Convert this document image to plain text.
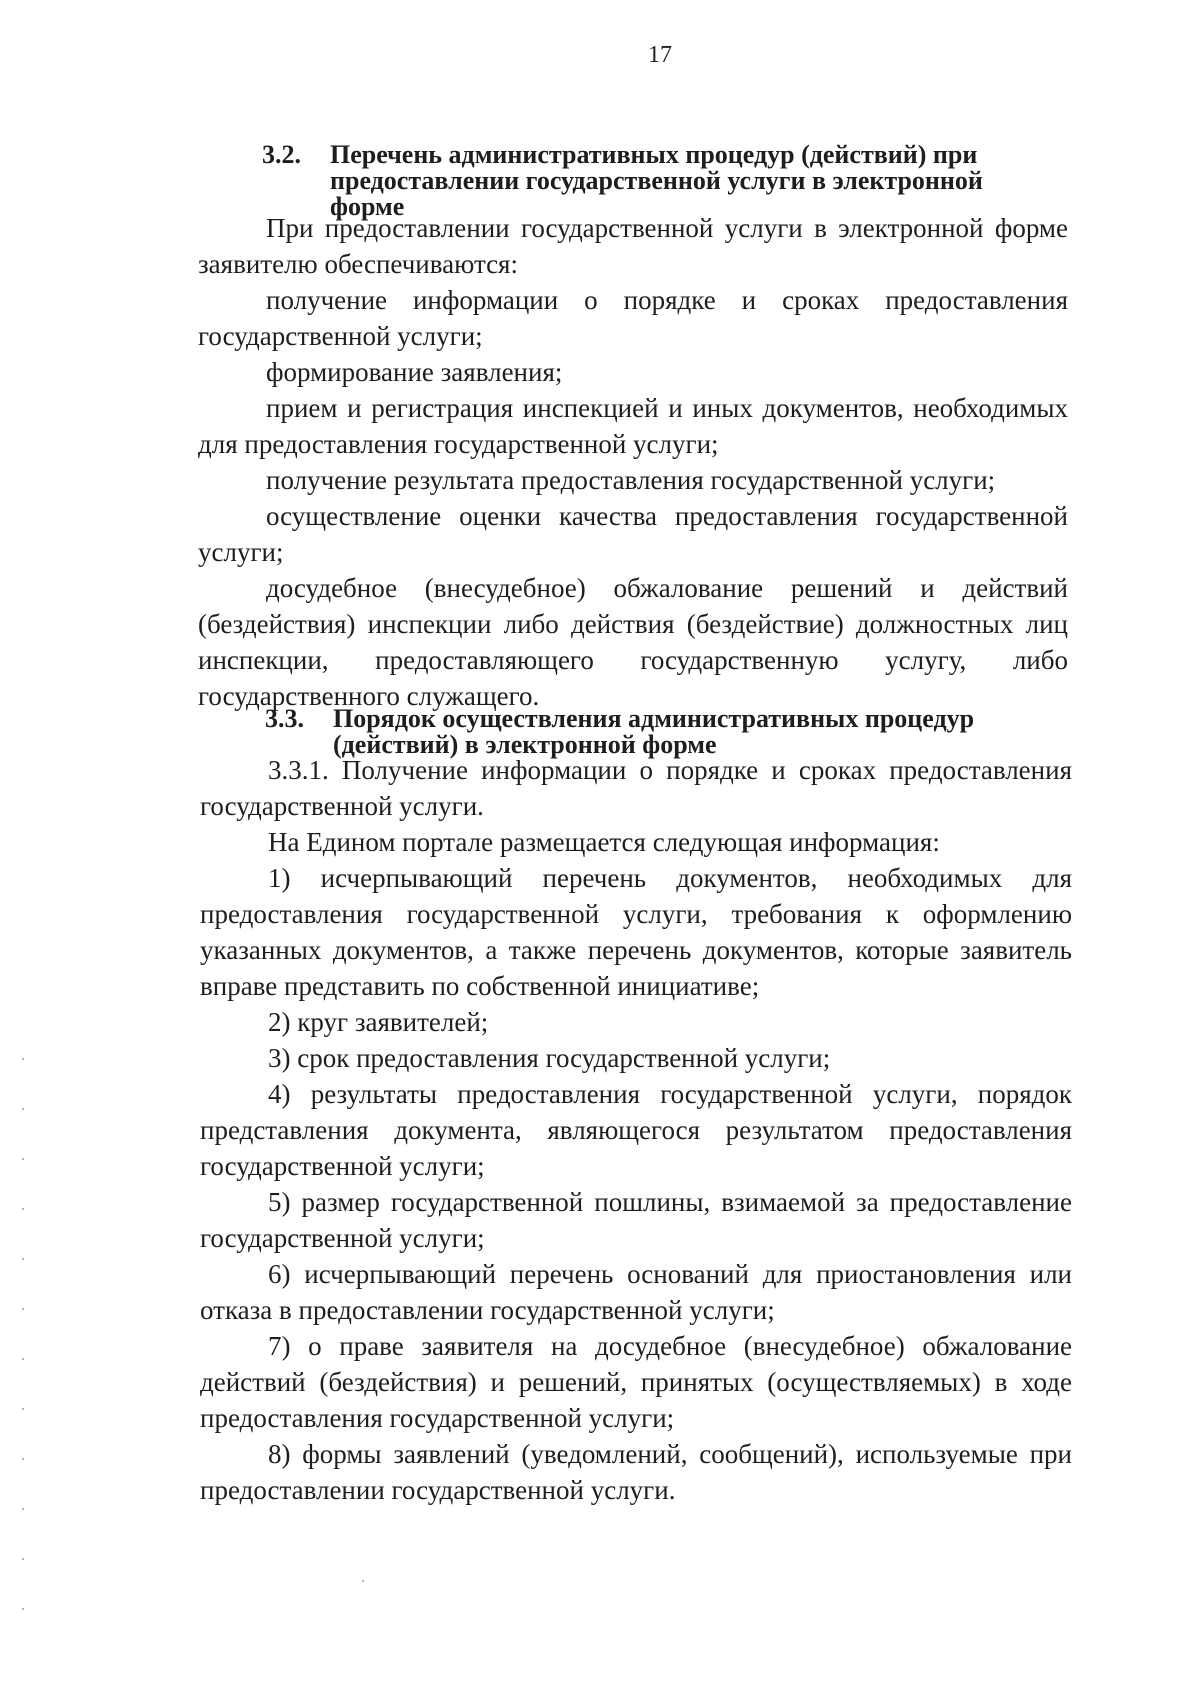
17
3.2. Перечень административных процедур (действий) при предоставлении государственной услуги в электронной форме

При предоставлении государственной услуги в электронной форме заявителю обеспечиваются:

получение информации о порядке и сроках предоставления государственной услуги;

формирование заявления;

прием и регистрация инспекцией и иных документов, необходимых для предоставления государственной услуги;

получение результата предоставления государственной услуги;

осуществление оценки качества предоставления государственной услуги;

досудебное (внесудебное) обжалование решений и действий (бездействия) инспекции либо действия (бездействие) должностных лиц инспекции, предоставляющего государственную услугу, либо государственного служащего.

3.3. Порядок осуществления административных процедур (действий) в электронной форме

3.3.1. Получение информации о порядке и сроках предоставления государственной услуги.

На Едином портале размещается следующая информация:

1) исчерпывающий перечень документов, необходимых для предоставления государственной услуги, требования к оформлению указанных документов, а также перечень документов, которые заявитель вправе представить по собственной инициативе;

2) круг заявителей;

3) срок предоставления государственной услуги;

4) результаты предоставления государственной услуги, порядок представления документа, являющегося результатом предоставления государственной услуги;

5) размер государственной пошлины, взимаемой за предоставление государственной услуги;

6) исчерпывающий перечень оснований для приостановления или отказа в предоставлении государственной услуги;

7) о праве заявителя на досудебное (внесудебное) обжалование действий (бездействия) и решений, принятых (осуществляемых) в ходе предоставления государственной услуги;

8) формы заявлений (уведомлений, сообщений), используемые при предоставлении государственной услуги.
